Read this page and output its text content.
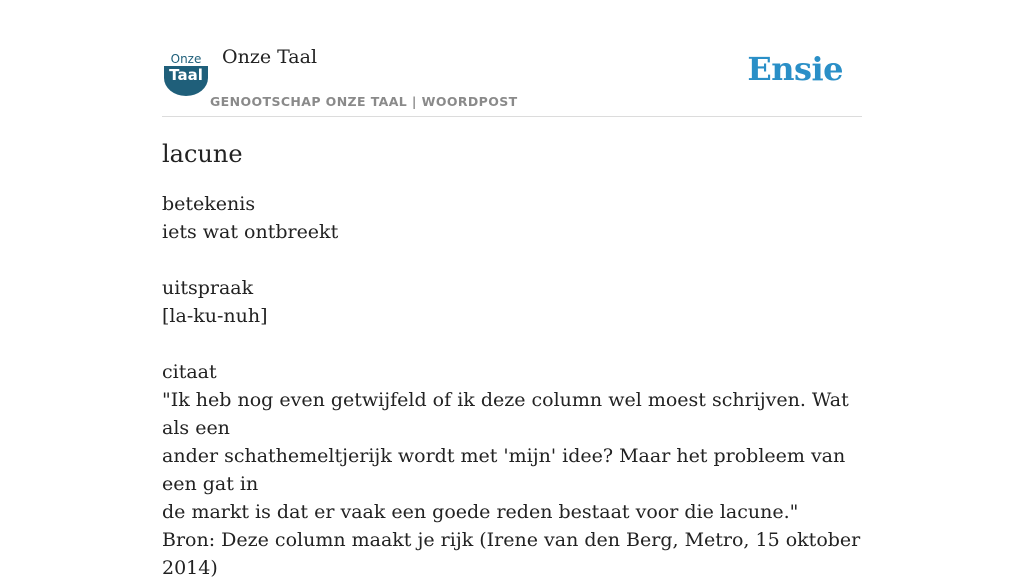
Onze
Taal
Onze Taal
GENOOTSCHAP ONZE TAAL | WOORDPOST
Ensie
lacune
betekenis
iets wat ontbreekt
uitspraak
[la-ku-nuh]
citaat
"Ik heb nog even getwijfeld of ik deze column wel moest schrijven. Wat als een
ander schathemeltjerijk wordt met 'mijn' idee? Maar het probleem van een gat in
de markt is dat er vaak een goede reden bestaat voor die lacune."
Bron: Deze column maakt je rijk (Irene van den Berg, Metro, 15 oktober 2014)
